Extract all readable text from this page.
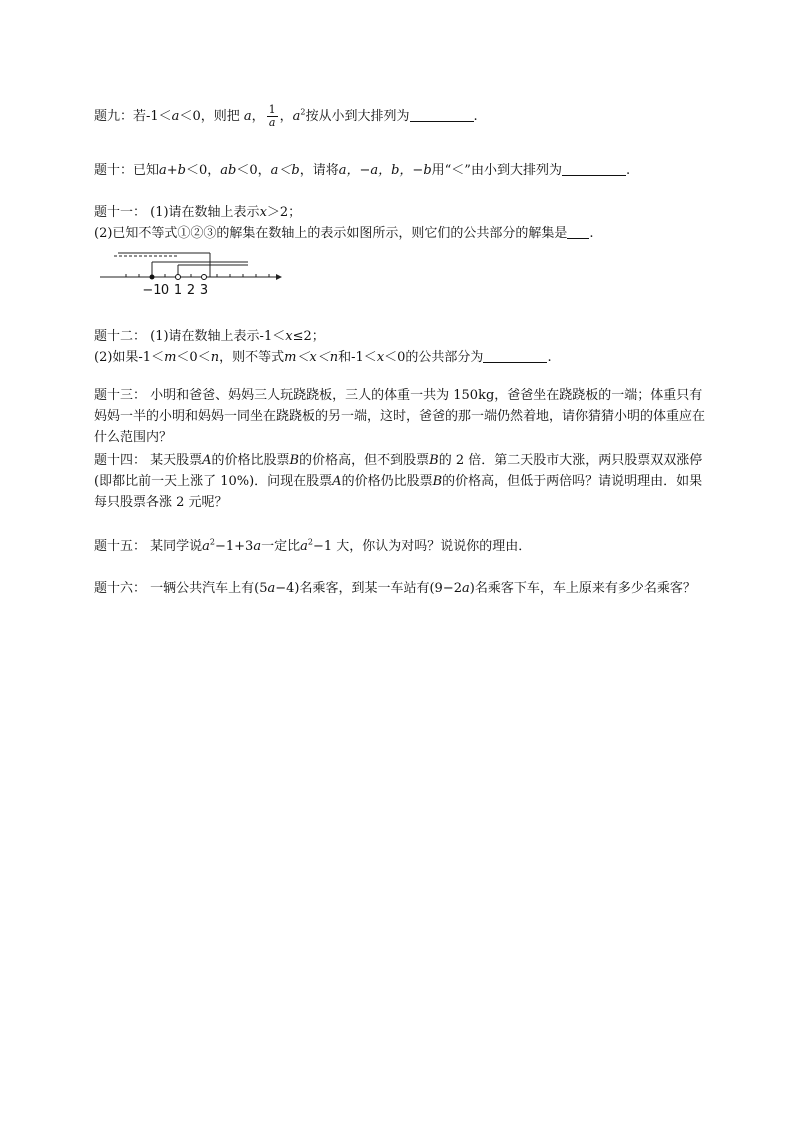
题九：若-1＜a＜0，则把 a， $\frac{1}{a}$ ，$a^2$按从小到大排列为	.

题十：已知a+b＜0，ab＜0，a＜b，请将a，−a，b，−b用“＜”由小到大排列为	.

题十一： (1)请在数轴上表示x＞2；
(2)已知不等式①②③的解集在数轴上的表示如图所示，则它们的公共部分的解集是 .

−1 0 1 2 3

题十二： (1)请在数轴上表示-1＜x≤2；
(2)如果-1＜m＜0＜n，则不等式m＜x＜n和-1＜x＜0的公共部分为	.

题十三： 小明和爸爸、妈妈三人玩跷跷板，三人的体重一共为 150kg，爸爸坐在跷跷板的一端；体重只有妈妈一半的小明和妈妈一同坐在跷跷板的另一端，这时，爸爸的那一端仍然着地，请你猜猜小明的体重应在什么范围内？

题十四： 某天股票A的价格比股票B的价格高，但不到股票B的 2 倍．第二天股市大涨，两只股票双双涨停(即都比前一天上涨了 10%)．问现在股票A的价格仍比股票B的价格高，但低于两倍吗？请说明理由．如果每只股票各涨 2 元呢？

题十五： 某同学说$a^2-1+3a$一定比$a^2-1$ 大，你认为对吗？说说你的理由．

题十六： 一辆公共汽车上有(5a−4)名乘客，到某一车站有(9−2a)名乘客下车，车上原来有多少名乘客？
